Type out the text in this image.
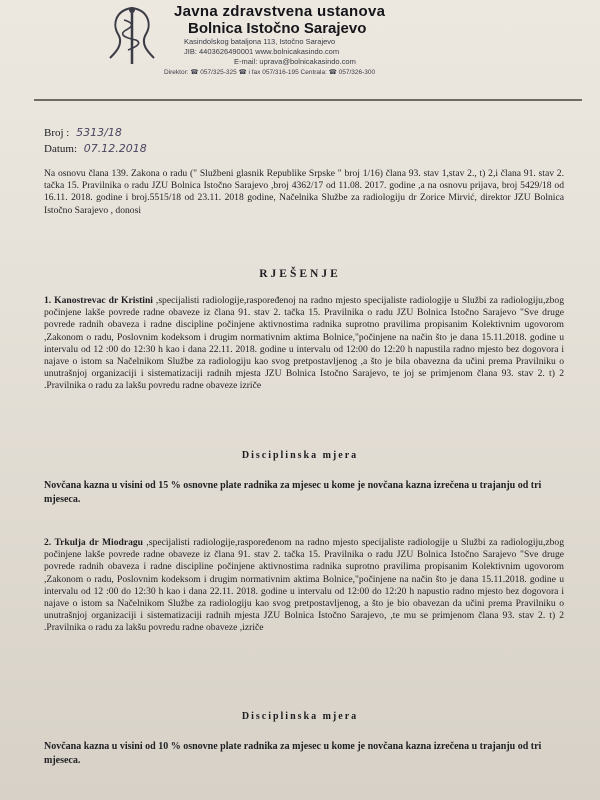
Javna zdravstvena ustanova
Bolnica Istočno Sarajevo
Kasindolskog bataljona 113, Istočno Sarajevo
JIB: 4403626490001 www.bolnicakasindo.com
E-mail: uprava@bolnicakasindo.com
Direktor: ☎ 057/325-325 ☎ i fax 057/316-195 Centrala: ☎ 057/326-300
Broj : 5313/18
Datum: 07.12.2018
Na osnovu člana 139. Zakona o radu (" Službeni glasnik Republike Srpske " broj 1/16) člana 93. stav 1,stav 2., t) 2,i člana 91. stav 2. tačka 15. Pravilnika o radu JZU Bolnica Istočno Sarajevo ,broj 4362/17 od 11.08. 2017. godine ,a na osnovu prijava, broj 5429/18 od 16.11. 2018. godine i broj.5515/18 od 23.11. 2018 godine, Načelnika Službe za radiologiju dr Zorice Mirvić, direktor JZU Bolnica Istočno Sarajevo , donosi
RJEŠENJE
1. Kanostrevac dr Kristini ,specijalisti radiologije,raspoređenoj na radno mjesto specijaliste radiologije u Službi za radiologiju,zbog počinjene lakše povrede radne obaveze iz člana 91. stav 2. tačka 15. Pravilnika o radu JZU Bolnica Istočno Sarajevo "Sve druge povrede radnih obaveza i radne discipline počinjene aktivnostima radnika suprotno pravilima propisanim Kolektivnim ugovorom ,Zakonom o radu, Poslovnim kodeksom i drugim normativnim aktima Bolnice,"počinjene na način što je dana 15.11.2018. godine u intervalu od 12 :00 do 12:30 h kao i dana 22.11. 2018. godine u intervalu od 12:00 do 12:20 h napustila radno mjesto bez dogovora i najave o istom sa Načelnikom Službe za radiologiju kao svog pretpostavljenog ,a što je bila obavezna da učini prema Pravilniku o unutrašnjoj organizaciji i sistematizaciji radnih mjesta JZU Bolnica Istočno Sarajevo, te joj se primjenom člana 93. stav 2. t) 2 .Pravilnika o radu za lakšu povredu radne obaveze izriče
Disciplinska mjera
Novčana kazna u visini od 15 % osnovne plate radnika za mjesec u kome je novčana kazna izrečena u trajanju od tri mjeseca.
2. Trkulja dr Miodragu ,specijalisti radiologije,raspoređenom na radno mjesto specijaliste radiologije u Službi za radiologiju,zbog počinjene lakše povrede radne obaveze iz člana 91. stav 2. tačka 15. Pravilnika o radu JZU Bolnica Istočno Sarajevo "Sve druge povrede radnih obaveza i radne discipline počinjene aktivnostima radnika suprotno pravilima propisanim Kolektivnim ugovorom ,Zakonom o radu, Poslovnim kodeksom i drugim normativnim aktima Bolnice,"počinjene na način što je dana 15.11.2018. godine u intervalu od 12 :00 do 12:30 h kao i dana 22.11. 2018. godine u intervalu od 12:00 do 12:20 h napustio radno mjesto bez dogovora i najave o istom sa Načelnikom Službe za radiologiju kao svog pretpostavljenog, a što je bio obavezan da učini prema Pravilniku o unutrašnjoj organizaciji i sistematizaciji radnih mjesta JZU Bolnica Istočno Sarajevo, ,te mu se primjenom člana 93. stav 2. t) 2 .Pravilnika o radu za lakšu povredu radne obaveze ,izriče
Disciplinska mjera
Novčana kazna u visini od 10 % osnovne plate radnika za mjesec u kome je novčana kazna izrečena u trajanju od tri mjeseca.
